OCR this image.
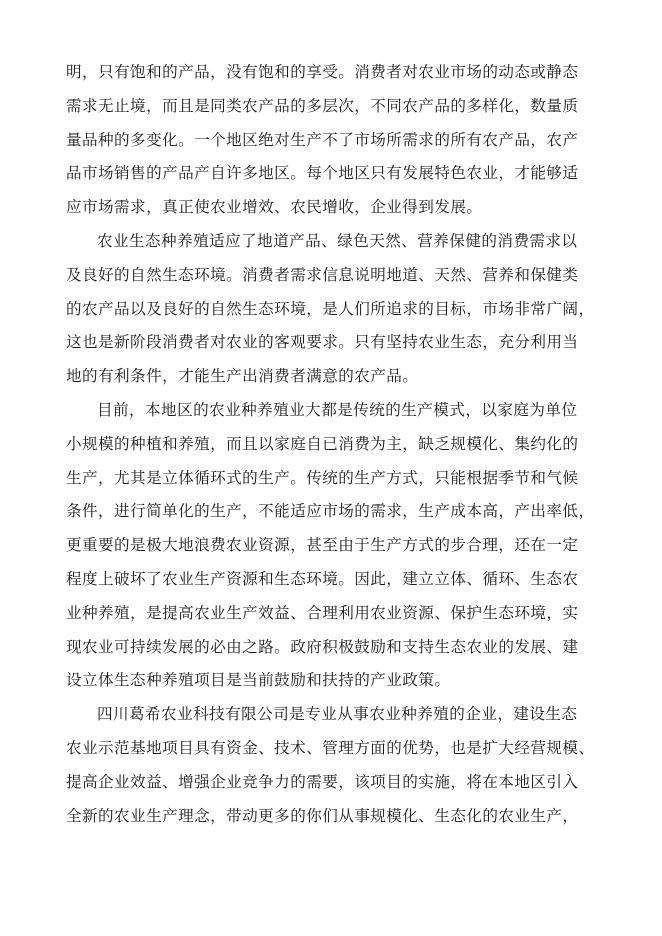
明，只有饱和的产品，没有饱和的享受。消费者对农业市场的动态或静态
需求无止境，而且是同类农产品的多层次，不同农产品的多样化，数量质
量品种的多变化。一个地区绝对生产不了市场所需求的所有农产品，农产
品市场销售的产品产自许多地区。每个地区只有发展特色农业，才能够适
应市场需求，真正使农业增效、农民增收，企业得到发展。
农业生态种养殖适应了地道产品、绿色天然、营养保健的消费需求以
及良好的自然生态环境。消费者需求信息说明地道、天然、营养和保健类
的农产品以及良好的自然生态环境，是人们所追求的目标，市场非常广阔，
这也是新阶段消费者对农业的客观要求。只有坚持农业生态，充分利用当
地的有利条件，才能生产出消费者满意的农产品。
目前，本地区的农业种养殖业大都是传统的生产模式，以家庭为单位
小规模的种植和养殖，而且以家庭自已消费为主，缺乏规模化、集约化的
生产，尤其是立体循环式的生产。传统的生产方式，只能根据季节和气候
条件，进行简单化的生产，不能适应市场的需求，生产成本高，产出率低，
更重要的是极大地浪费农业资源，甚至由于生产方式的步合理，还在一定
程度上破坏了农业生产资源和生态环境。因此，建立立体、循环、生态农
业种养殖，是提高农业生产效益、合理利用农业资源、保护生态环境，实
现农业可持续发展的必由之路。政府积极鼓励和支持生态农业的发展、建
设立体生态种养殖项目是当前鼓励和扶持的产业政策。
四川葛希农业科技有限公司是专业从事农业种养殖的企业，建设生态
农业示范基地项目具有资金、技术、管理方面的优势，也是扩大经营规模、
提高企业效益、增强企业竞争力的需要，该项目的实施，将在本地区引入
全新的农业生产理念，带动更多的你们从事规模化、生态化的农业生产，
